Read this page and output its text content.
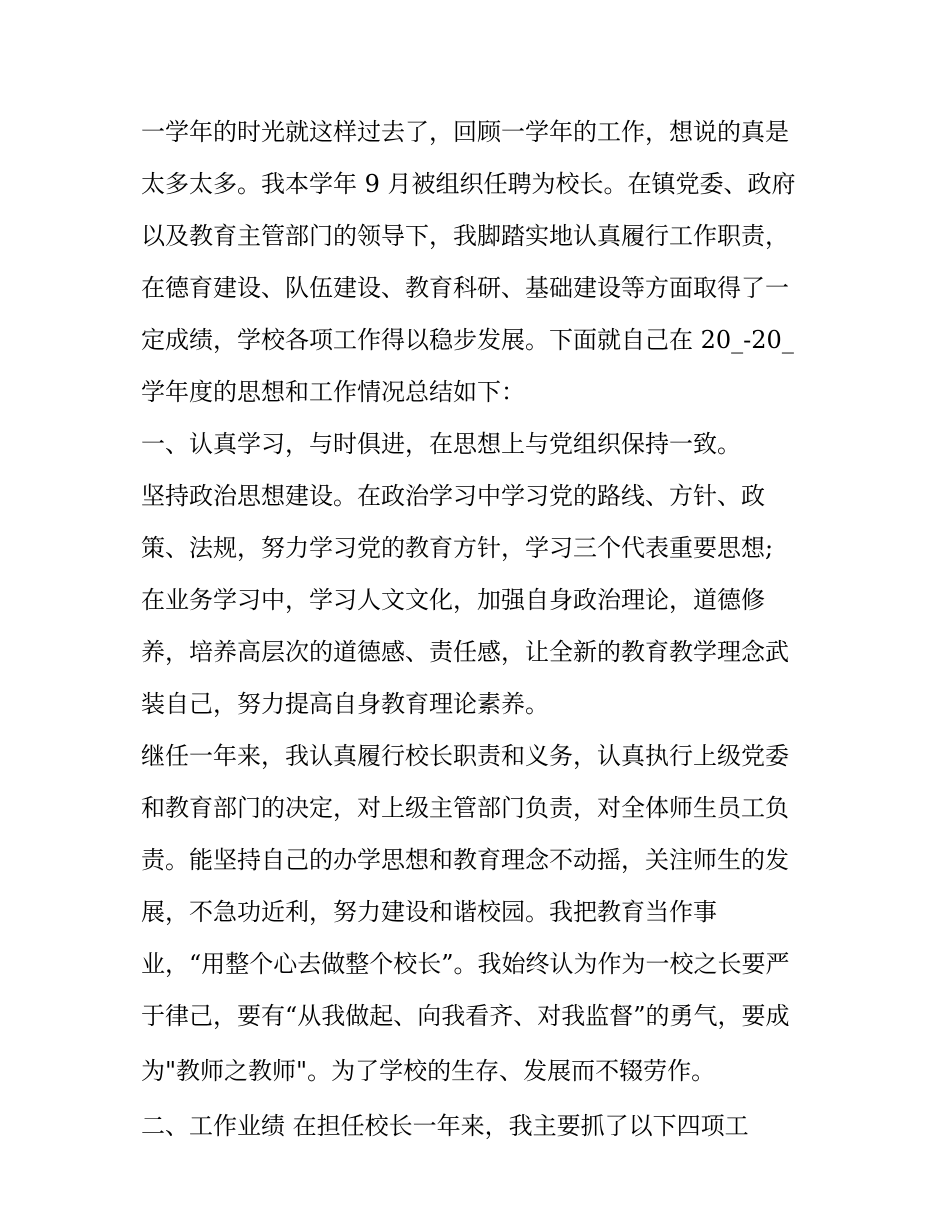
一学年的时光就这样过去了，回顾一学年的工作，想说的真是
太多太多。我本学年 9 月被组织任聘为校长。在镇党委、政府
以及教育主管部门的领导下，我脚踏实地认真履行工作职责，
在德育建设、队伍建设、教育科研、基础建设等方面取得了一
定成绩，学校各项工作得以稳步发展。下面就自己在 20_-20_
学年度的思想和工作情况总结如下：
一、认真学习，与时俱进，在思想上与党组织保持一致。
坚持政治思想建设。在政治学习中学习党的路线、方针、政
策、法规，努力学习党的教育方针，学习三个代表重要思想;
在业务学习中，学习人文文化，加强自身政治理论，道德修
养，培养高层次的道德感、责任感，让全新的教育教学理念武
装自己，努力提高自身教育理论素养。
继任一年来，我认真履行校长职责和义务，认真执行上级党委
和教育部门的决定，对上级主管部门负责，对全体师生员工负
责。能坚持自己的办学思想和教育理念不动摇，关注师生的发
展，不急功近利，努力建设和谐校园。我把教育当作事
业，“用整个心去做整个校长”。我始终认为作为一校之长要严
于律己，要有“从我做起、向我看齐、对我监督”的勇气，要成
为"教师之教师"。为了学校的生存、发展而不辍劳作。
二、工作业绩 在担任校长一年来，我主要抓了以下四项工
